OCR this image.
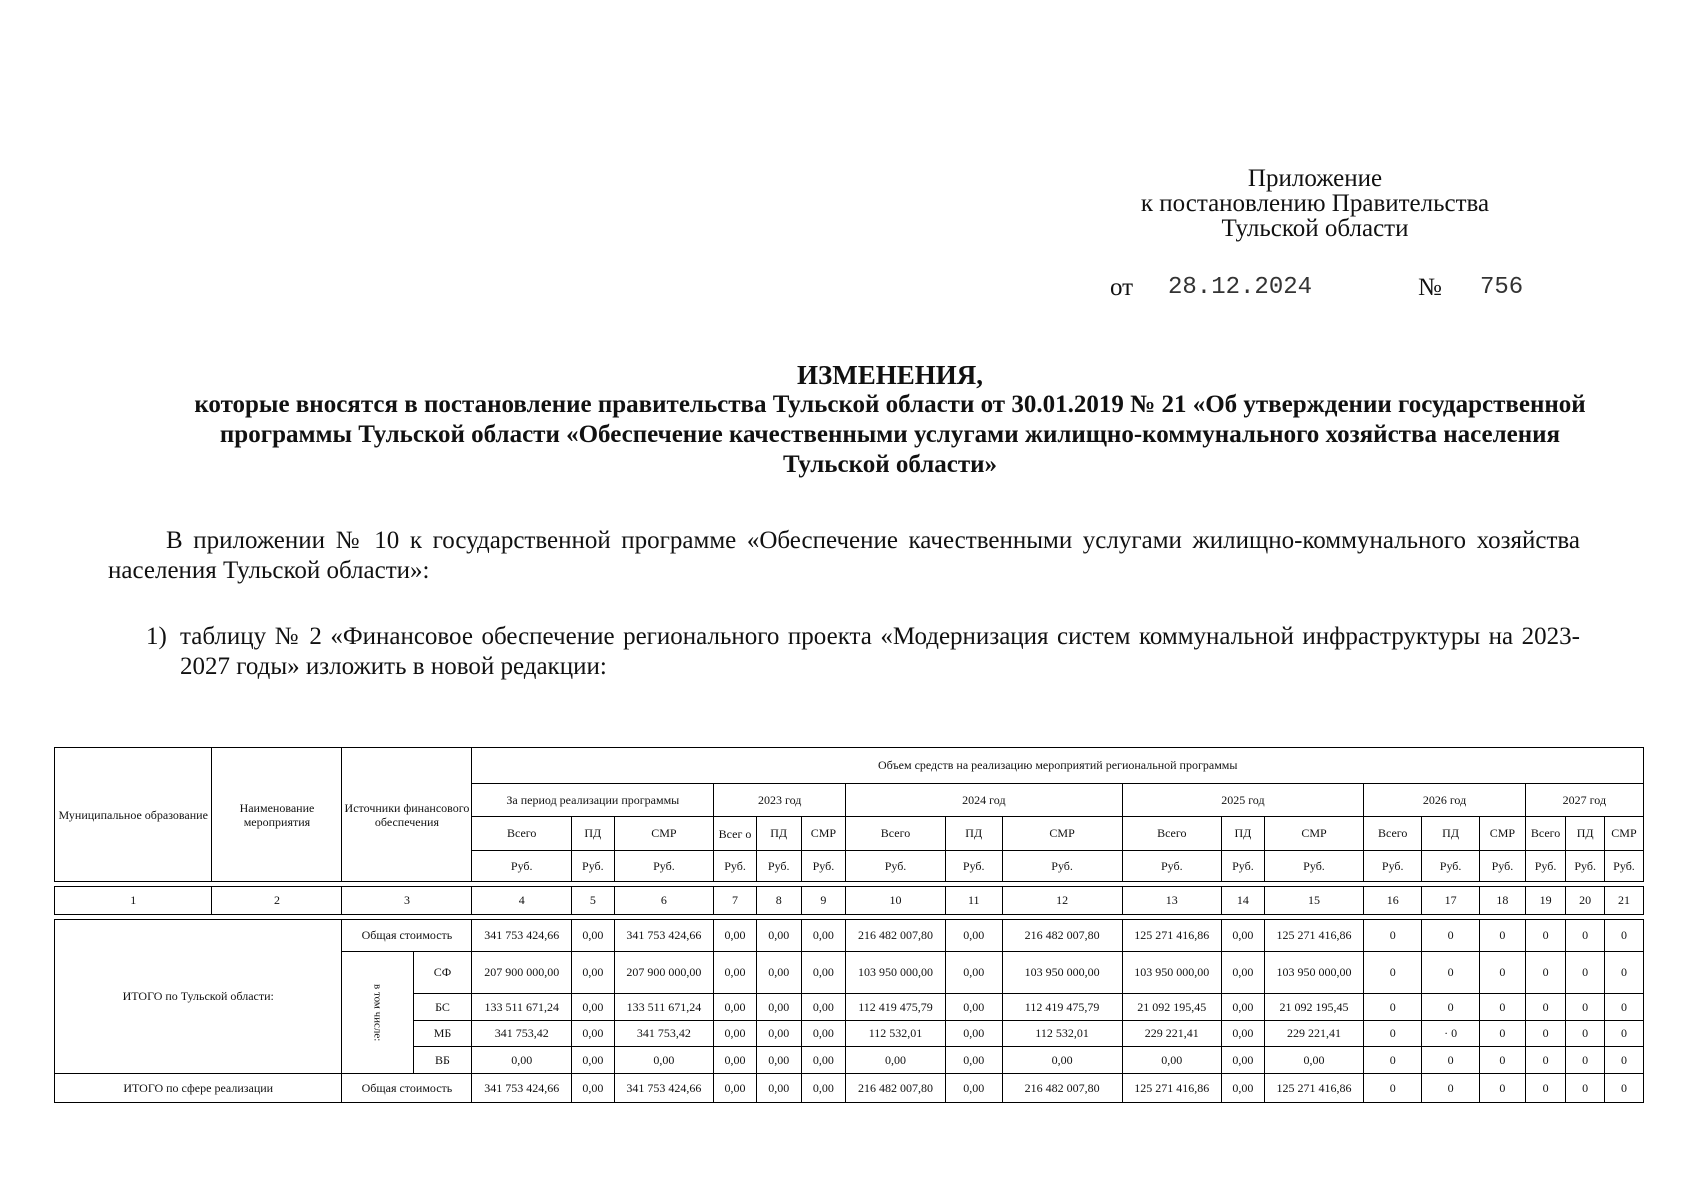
Приложение
к постановлению Правительства
Тульской области
от 28.12.2024	№ 756
ИЗМЕНЕНИЯ,
которые вносятся в постановление правительства Тульской области от 30.01.2019 № 21 «Об утверждении государственной программы Тульской области «Обеспечение качественными услугами жилищно-коммунального хозяйства населения Тульской области»
В приложении № 10 к государственной программе «Обеспечение качественными услугами жилищно-коммунального хозяйства населения Тульской области»:
1) таблицу № 2 «Финансовое обеспечение регионального проекта «Модернизация систем коммунальной инфраструктуры на 2023-2027 годы» изложить в новой редакции:
Муниципальное образование	Наименование мероприятия	Источники финансового обеспечения		Объем средств на реализацию мероприятий региональной программы																	
				За период реализации программы			2023 год			2024 год			2025 год			2026 год			2027 год		
				Всего	ПД	СМР	Всег о	ПД	СМР	Всего	ПД	СМР	Всего	ПД	СМР	Всего	ПД	СМР	Всего	ПД	СМР
				Руб.	Руб.	Руб.	Руб.	Руб.	Руб.	Руб.	Руб.	Руб.	Руб.	Руб.	Руб.	Руб.	Руб.	Руб.	Руб.	Руб.	Руб.

1	2	3		4	5	6	7	8	9	10	11	12	13	14	15	16	17	18	19	20	21

ИТОГО по Тульской области:		Общая стоимость		341 753 424,66	0,00	341 753 424,66	0,00	0,00	0,00	216 482 007,80	0,00	216 482 007,80	125 271 416,86	0,00	125 271 416,86	0	0	0	0	0	0

		в том числе:	СФ	207 900 000,00	0,00	207 900 000,00	0,00	0,00	0,00	103 950 000,00	0,00	103 950 000,00	103 950 000,00	0,00	103 950 000,00	0	0	0	0	0	0
			БС	133 511 671,24	0,00	133 511 671,24	0,00	0,00	0,00	112 419 475,79	0,00	112 419 475,79	21 092 195,45	0,00	21 092 195,45	0	0	0	0	0	0
			МБ	341 753,42	0,00	341 753,42	0,00	0,00	0,00	112 532,01	0,00	112 532,01	229 221,41	0,00	229 221,41	0	· 0	0	0	0	0
			ВБ	0,00	0,00	0,00	0,00	0,00	0,00	0,00	0,00	0,00	0,00	0,00	0,00	0	0	0	0	0	0
ИТОГО по сфере реализации		Общая стоимость		341 753 424,66	0,00	341 753 424,66	0,00	0,00	0,00	216 482 007,80	0,00	216 482 007,80	125 271 416,86	0,00	125 271 416,86	0	0	0	0	0	0
